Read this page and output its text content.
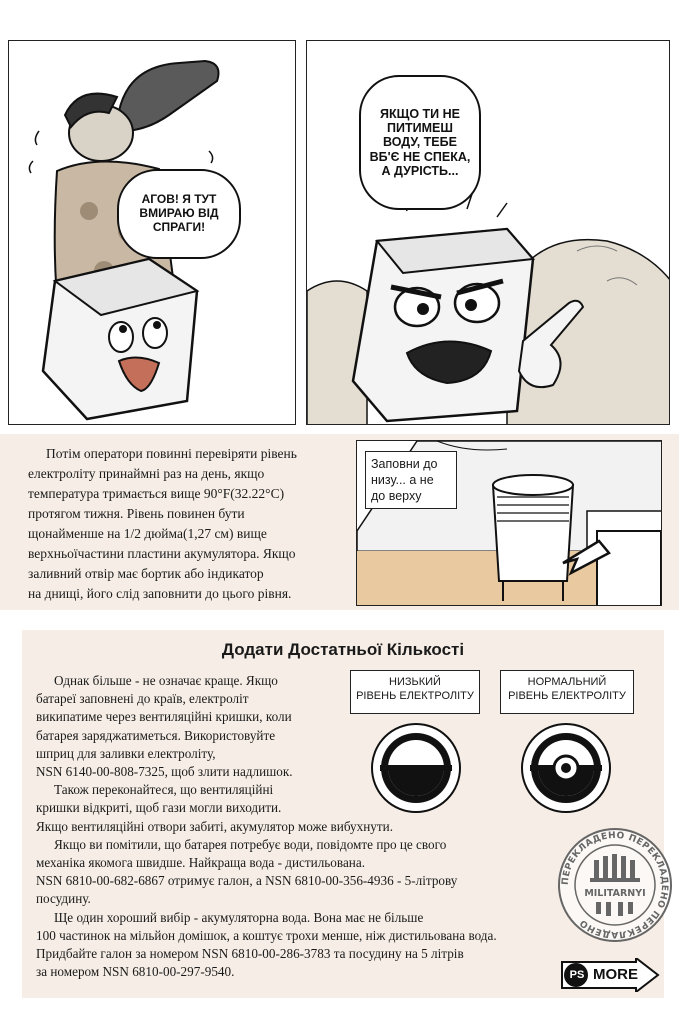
АГОВ! Я ТУТ
ВМИРАЮ ВІД
СПРАГИ!
ЯКЩО ТИ НЕ
ПИТИМЕШ
ВОДУ, ТЕБЕ
ВБ'Є НЕ СПЕКА,
А ДУРІСТЬ...

Потім оператори повинні перевіряти рівень

електроліту принаймні раз на день, якщо

температура тримається вище 90°F(32.22°C)

протягом тижня. Рівень повинен бути

щонайменше на 1/2 дюйма(1,27 см) вище

верхньоїчастини пластини акумулятора. Якщо

заливний отвір має бортик або індикатор

на днищі, його слід заповнити до цього рівня.

Заповни до низу... а не до верху
Додати Достатньої Кількості
НИЗЬКИЙ
РІВЕНЬ ЕЛЕКТРОЛІТУ
НОРМАЛЬНИЙ
РІВЕНЬ ЕЛЕКТРОЛІТУ

Однак більше - не означає краще. Якщо

батареї заповнені до країв, електроліт

википатиме через вентиляційні кришки, коли

батарея заряджатиметься. Використовуйте

шприц для заливки електроліту,

NSN 6140-00-808-7325, щоб злити надлишок.

Також переконайтеся, що вентиляційні

кришки відкриті, щоб гази могли виходити.

Якщо вентиляційні отвори забиті, акумулятор може вибухнути.

Якщо ви помітили, що батарея потребує води, повідомте про це свого

механіка якомога швидше. Найкраща вода - дистильована.

NSN 6810-00-682-6867 отримує галон, а NSN 6810-00-356-4936 - 5-літрову

посудину.

Ще один хороший вибір - акумуляторна вода. Вона має не більше

100 частинок на мільйон домішок, а коштує трохи менше, ніж дистильована вода.

Придбайте галон за номером NSN 6810-00-286-3783 та посудину на 5 літрів

за номером NSN 6810-00-297-9540.

ПЕРЕКЛАДЕНО ПЕРЕКЛАДЕНО ПЕРЕКЛАДЕНО
MILITARNYI
PS MORE
